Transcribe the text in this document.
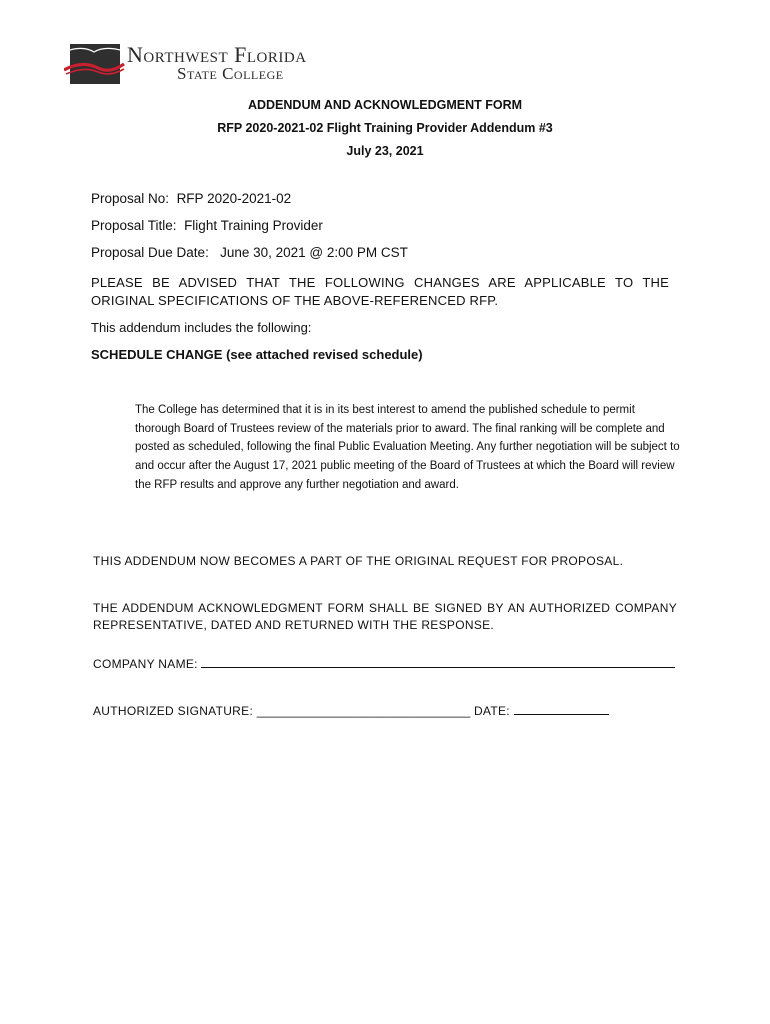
Northwest Florida
State College
ADDENDUM AND ACKNOWLEDGMENT FORM
RFP 2020-2021-02 Flight Training Provider Addendum #3
July 23, 2021
Proposal No: RFP 2020-2021-02
Proposal Title: Flight Training Provider
Proposal Due Date: June 30, 2021 @ 2:00 PM CST
PLEASE BE ADVISED THAT THE FOLLOWING CHANGES ARE APPLICABLE TO THE ORIGINAL SPECIFICATIONS OF THE ABOVE-REFERENCED RFP.
This addendum includes the following:
SCHEDULE CHANGE (see attached revised schedule)
The College has determined that it is in its best interest to amend the published schedule to permit thorough Board of Trustees review of the materials prior to award. The final ranking will be complete and posted as scheduled, following the final Public Evaluation Meeting. Any further negotiation will be subject to and occur after the August 17, 2021 public meeting of the Board of Trustees at which the Board will review the RFP results and approve any further negotiation and award.
THIS ADDENDUM NOW BECOMES A PART OF THE ORIGINAL REQUEST FOR PROPOSAL.
THE ADDENDUM ACKNOWLEDGMENT FORM SHALL BE SIGNED BY AN AUTHORIZED COMPANY REPRESENTATIVE, DATED AND RETURNED WITH THE RESPONSE.
COMPANY NAME:
AUTHORIZED SIGNATURE: ________________________________ DATE:
